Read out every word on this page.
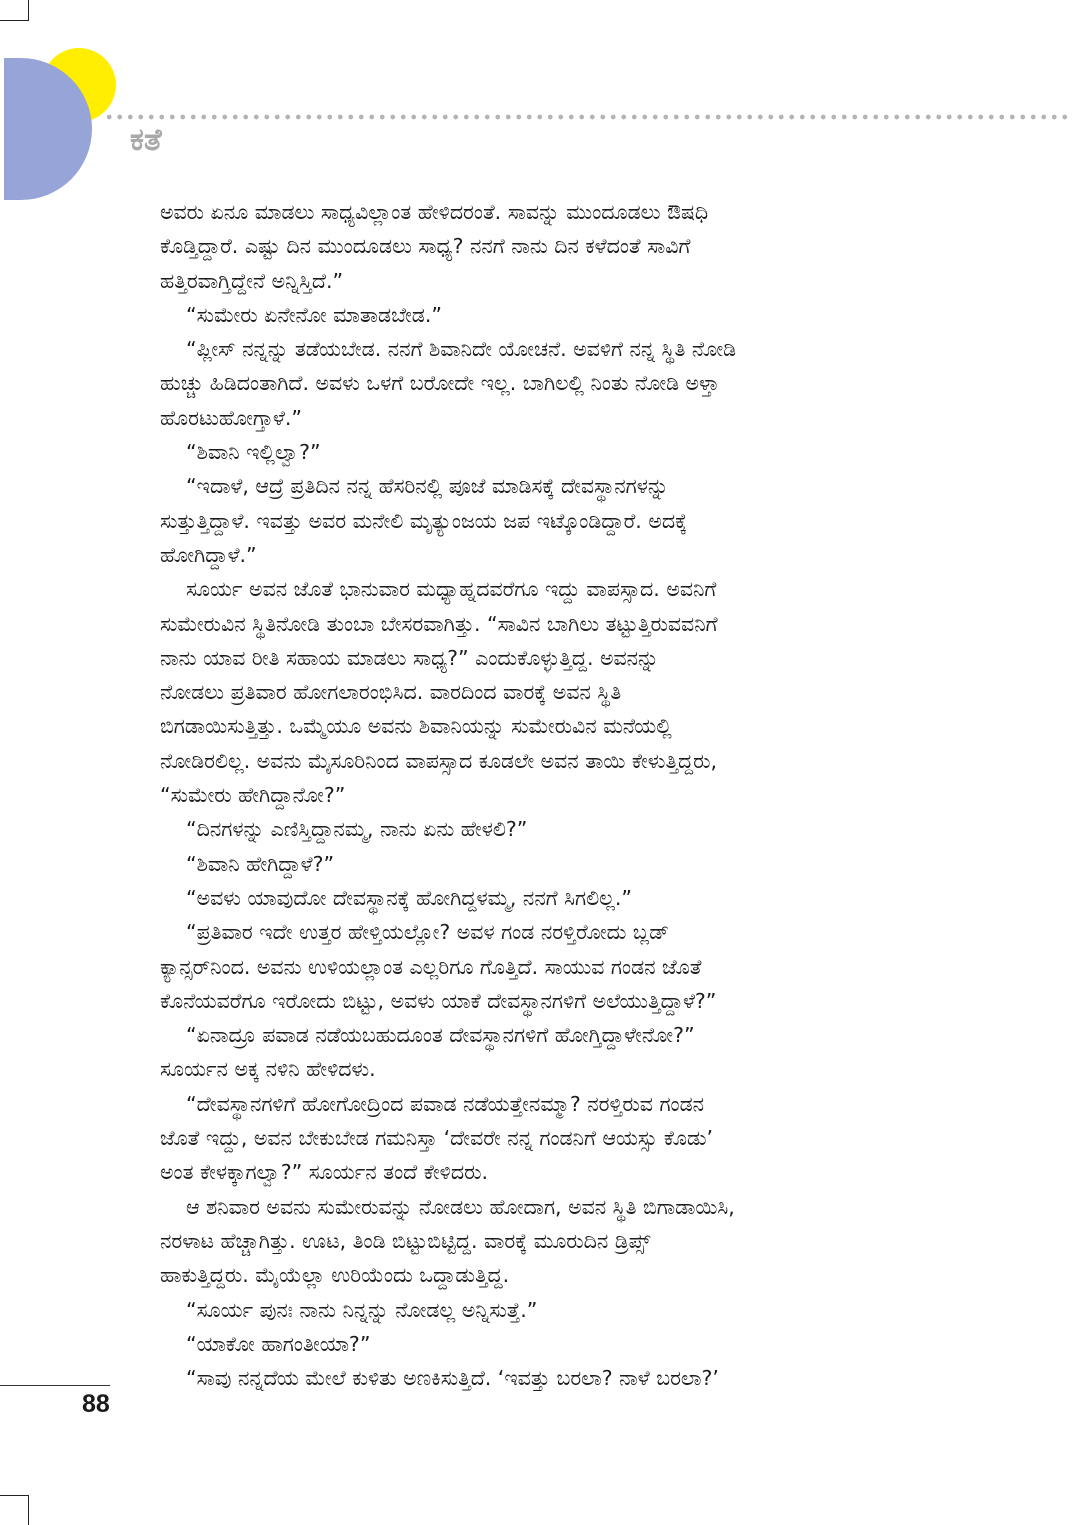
ಕತೆ
ಅವರು ಏನೂ ಮಾಡಲು ಸಾಧ್ಯವಿಲ್ಲಾಂತ ಹೇಳಿದರಂತೆ. ಸಾವನ್ನು ಮುಂದೂಡಲು ಔಷಧಿ
ಕೊಡ್ತಿದ್ದಾರೆ. ಎಷ್ಟು ದಿನ ಮುಂದೂಡಲು ಸಾಧ್ಯ? ನನಗೆ ನಾನು ದಿನ ಕಳೆದಂತೆ ಸಾವಿಗೆ
ಹತ್ತಿರವಾಗ್ತಿದ್ದೇನೆ ಅನ್ನಿಸ್ತಿದೆ.”
“ಸುಮೇರು ಏನೇನೋ ಮಾತಾಡಬೇಡ.”
“ಪ್ಲೀಸ್ ನನ್ನನ್ನು ತಡೆಯಬೇಡ. ನನಗೆ ಶಿವಾನಿದೇ ಯೋಚನೆ. ಅವಳಿಗೆ ನನ್ನ ಸ್ಥಿತಿ ನೋಡಿ
ಹುಚ್ಚು ಹಿಡಿದಂತಾಗಿದೆ. ಅವಳು ಒಳಗೆ ಬರೋದೇ ಇಲ್ಲ. ಬಾಗಿಲಲ್ಲಿ ನಿಂತು ನೋಡಿ ಅಳ್ತಾ
ಹೊರಟುಹೋಗ್ತಾಳೆ.”
“ಶಿವಾನಿ ಇಲ್ಲಿಲ್ವಾ?”
“ಇದಾಳೆ, ಆದ್ರೆ ಪ್ರತಿದಿನ ನನ್ನ ಹೆಸರಿನಲ್ಲಿ ಪೂಜೆ ಮಾಡಿಸಕ್ಕೆ ದೇವಸ್ಥಾನಗಳನ್ನು
ಸುತ್ತುತ್ತಿದ್ದಾಳೆ. ಇವತ್ತು ಅವರ ಮನೇಲಿ ಮೃತ್ಯುಂಜಯ ಜಪ ಇಟ್ಕೊಂಡಿದ್ದಾರೆ. ಅದಕ್ಕೆ
ಹೋಗಿದ್ದಾಳೆ.”
ಸೂರ್ಯ ಅವನ ಜೊತೆ ಭಾನುವಾರ ಮಧ್ಯಾಹ್ನದವರೆಗೂ ಇದ್ದು ವಾಪಸ್ಸಾದ. ಅವನಿಗೆ
ಸುಮೇರುವಿನ ಸ್ಥಿತಿನೋಡಿ ತುಂಬಾ ಬೇಸರವಾಗಿತ್ತು. “ಸಾವಿನ ಬಾಗಿಲು ತಟ್ಟುತ್ತಿರುವವನಿಗೆ
ನಾನು ಯಾವ ರೀತಿ ಸಹಾಯ ಮಾಡಲು ಸಾಧ್ಯ?” ಎಂದುಕೊಳ್ಳುತ್ತಿದ್ದ. ಅವನನ್ನು
ನೋಡಲು ಪ್ರತಿವಾರ ಹೋಗಲಾರಂಭಿಸಿದ. ವಾರದಿಂದ ವಾರಕ್ಕೆ ಅವನ ಸ್ಥಿತಿ
ಬಿಗಡಾಯಿಸುತ್ತಿತ್ತು. ಒಮ್ಮೆಯೂ ಅವನು ಶಿವಾನಿಯನ್ನು ಸುಮೇರುವಿನ ಮನೆಯಲ್ಲಿ
ನೋಡಿರಲಿಲ್ಲ. ಅವನು ಮೈಸೂರಿನಿಂದ ವಾಪಸ್ಸಾದ ಕೂಡಲೇ ಅವನ ತಾಯಿ ಕೇಳುತ್ತಿದ್ದರು,
“ಸುಮೇರು ಹೇಗಿದ್ದಾನೋ?”
“ದಿನಗಳನ್ನು ಎಣಿಸ್ತಿದ್ದಾನಮ್ಮ, ನಾನು ಏನು ಹೇಳಲಿ?”
“ಶಿವಾನಿ ಹೇಗಿದ್ದಾಳೆ?”
“ಅವಳು ಯಾವುದೋ ದೇವಸ್ಥಾನಕ್ಕೆ ಹೋಗಿದ್ದಳಮ್ಮ, ನನಗೆ ಸಿಗಲಿಲ್ಲ.”
“ಪ್ರತಿವಾರ ಇದೇ ಉತ್ತರ ಹೇಳ್ತಿಯಲ್ಲೋ? ಅವಳ ಗಂಡ ನರಳ್ತಿರೋದು ಬ್ಲಡ್
ಕ್ಯಾನ್ಸರ್‌ನಿಂದ. ಅವನು ಉಳಿಯಲ್ಲಾಂತ ಎಲ್ಲರಿಗೂ ಗೊತ್ತಿದೆ. ಸಾಯುವ ಗಂಡನ ಜೊತೆ
ಕೊನೆಯವರೆಗೂ ಇರೋದು ಬಿಟ್ಟು, ಅವಳು ಯಾಕೆ ದೇವಸ್ಥಾನಗಳಿಗೆ ಅಲೆಯುತ್ತಿದ್ದಾಳೆ?”
“ಏನಾದ್ರೂ ಪವಾಡ ನಡೆಯಬಹುದೂಂತ ದೇವಸ್ಥಾನಗಳಿಗೆ ಹೋಗ್ತಿದ್ದಾಳೇನೋ?”
ಸೂರ್ಯನ ಅಕ್ಕ ನಳಿನಿ ಹೇಳಿದಳು.
“ದೇವಸ್ಥಾನಗಳಿಗೆ ಹೋಗೋದ್ರಿಂದ ಪವಾಡ ನಡೆಯತ್ತೇನಮ್ಮಾ? ನರಳ್ತಿರುವ ಗಂಡನ
ಜೊತೆ ಇದ್ದು, ಅವನ ಬೇಕುಬೇಡ ಗಮನಿಸ್ತಾ ‘ದೇವರೇ ನನ್ನ ಗಂಡನಿಗೆ ಆಯಸ್ಸು ಕೊಡು’
ಅಂತ ಕೇಳಕ್ಕಾಗಲ್ವಾ?” ಸೂರ್ಯನ ತಂದೆ ಕೇಳಿದರು.
ಆ ಶನಿವಾರ ಅವನು ಸುಮೇರುವನ್ನು ನೋಡಲು ಹೋದಾಗ, ಅವನ ಸ್ಥಿತಿ ಬಿಗಾಡಾಯಿಸಿ,
ನರಳಾಟ ಹೆಚ್ಚಾಗಿತ್ತು. ಊಟ, ತಿಂಡಿ ಬಿಟ್ಟುಬಿಟ್ಟಿದ್ದ. ವಾರಕ್ಕೆ ಮೂರುದಿನ ಡ್ರಿಪ್ಸ್
ಹಾಕುತ್ತಿದ್ದರು. ಮೈಯೆಲ್ಲಾ ಉರಿಯೆಂದು ಒದ್ದಾಡುತ್ತಿದ್ದ.
“ಸೂರ್ಯ ಪುನಃ ನಾನು ನಿನ್ನನ್ನು ನೋಡಲ್ಲ ಅನ್ನಿಸುತ್ತೆ.”
“ಯಾಕೋ ಹಾಗಂತೀಯಾ?”
“ಸಾವು ನನ್ನದೆಯ ಮೇಲೆ ಕುಳಿತು ಅಣಕಿಸುತ್ತಿದೆ. ‘ಇವತ್ತು ಬರಲಾ? ನಾಳೆ ಬರಲಾ?’
88
